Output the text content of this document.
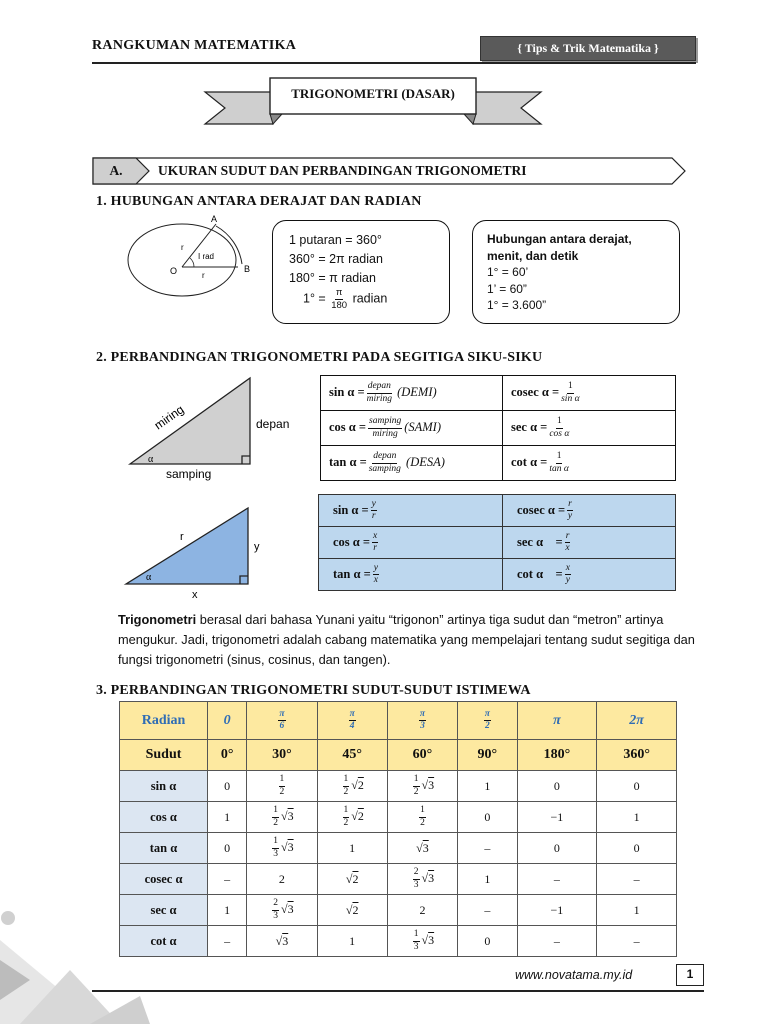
RANGKUMAN MATEMATIKA	{ Tips & Trik Matematika }
TRIGONOMETRI (DASAR)
A.	UKURAN SUDUT DAN PERBANDINGAN TRIGONOMETRI
1. HUBUNGAN ANTARA DERAJAT DAN RADIAN
A
B
O
r
r
I rad
1 putaran = 360°
360° = 2π radian
180° = π radian
$1^\circ = \frac{\pi}{180}$ radian
Hubungan antara derajat,
menit, dan detik
1° = 60’
1’ = 60”
1° = 3.600”
2. PERBANDINGAN TRIGONOMETRI PADA SEGITIGA SIKU-SIKU
miring	depan
samping
α
$\sin \alpha = \frac{\text{depan}}{\text{miring}}$ (DEMI)	cosec $\alpha = \frac{1}{\text{sin α}}$

$\cos \alpha = \frac{\text{samping}}{\text{miring}}$ (SAMI)	$\sec \alpha = \frac{1}{\text{cos α}}$

$\tan \alpha = \frac{\text{depan}}{\text{samping}}$ (DESA)	$\cot \alpha = \frac{1}{\text{tan α}}$
r
y
x
α
$\sin \alpha = \frac{y}{r}$	cosec $\alpha = \frac{r}{y}$

$\cos \alpha = \frac{x}{r}$	sec α    = $\frac{r}{x}$

$\tan \alpha = \frac{y}{x}$	cot α    = $\frac{x}{y}$
Trigonometri berasal dari bahasa Yunani yaitu “trigonon” artinya tiga sudut dan “metron” artinya mengukur. Jadi, trigonometri adalah cabang matematika yang mempelajari tentang sudut segitiga dan fungsi trigonometri (sinus, cosinus, dan tangen).
3. PERBANDINGAN TRIGONOMETRI SUDUT-SUDUT ISTIMEWA
Radian	0	$\frac{\pi}{6}$	$\frac{\pi}{4}$	$\frac{\pi}{3}$	$\frac{\pi}{2}$	π	2π
Sudut	0°	30°	45°	60°	90°	180°	360°
sin α	0	$\frac{1}{2}$	$\frac{1}{2} √2$	$\frac{1}{2} √3$	1	0	0
cos α	1	$\frac{1}{2} √3$	$\frac{1}{2} √2$	$\frac{1}{2}$	0	−1	1
tan α	0	$\frac{1}{3} √3$	1	√3	–	0	0
cosec α	–	2	√2	$\frac{2}{3} √3$	1	–	–
sec α	1	$\frac{2}{3} √3$	√2	2	–	−1	1
cot α	–	√3	1	$\frac{1}{3} √3$	0	–	–
www.novatama.my.id	1
